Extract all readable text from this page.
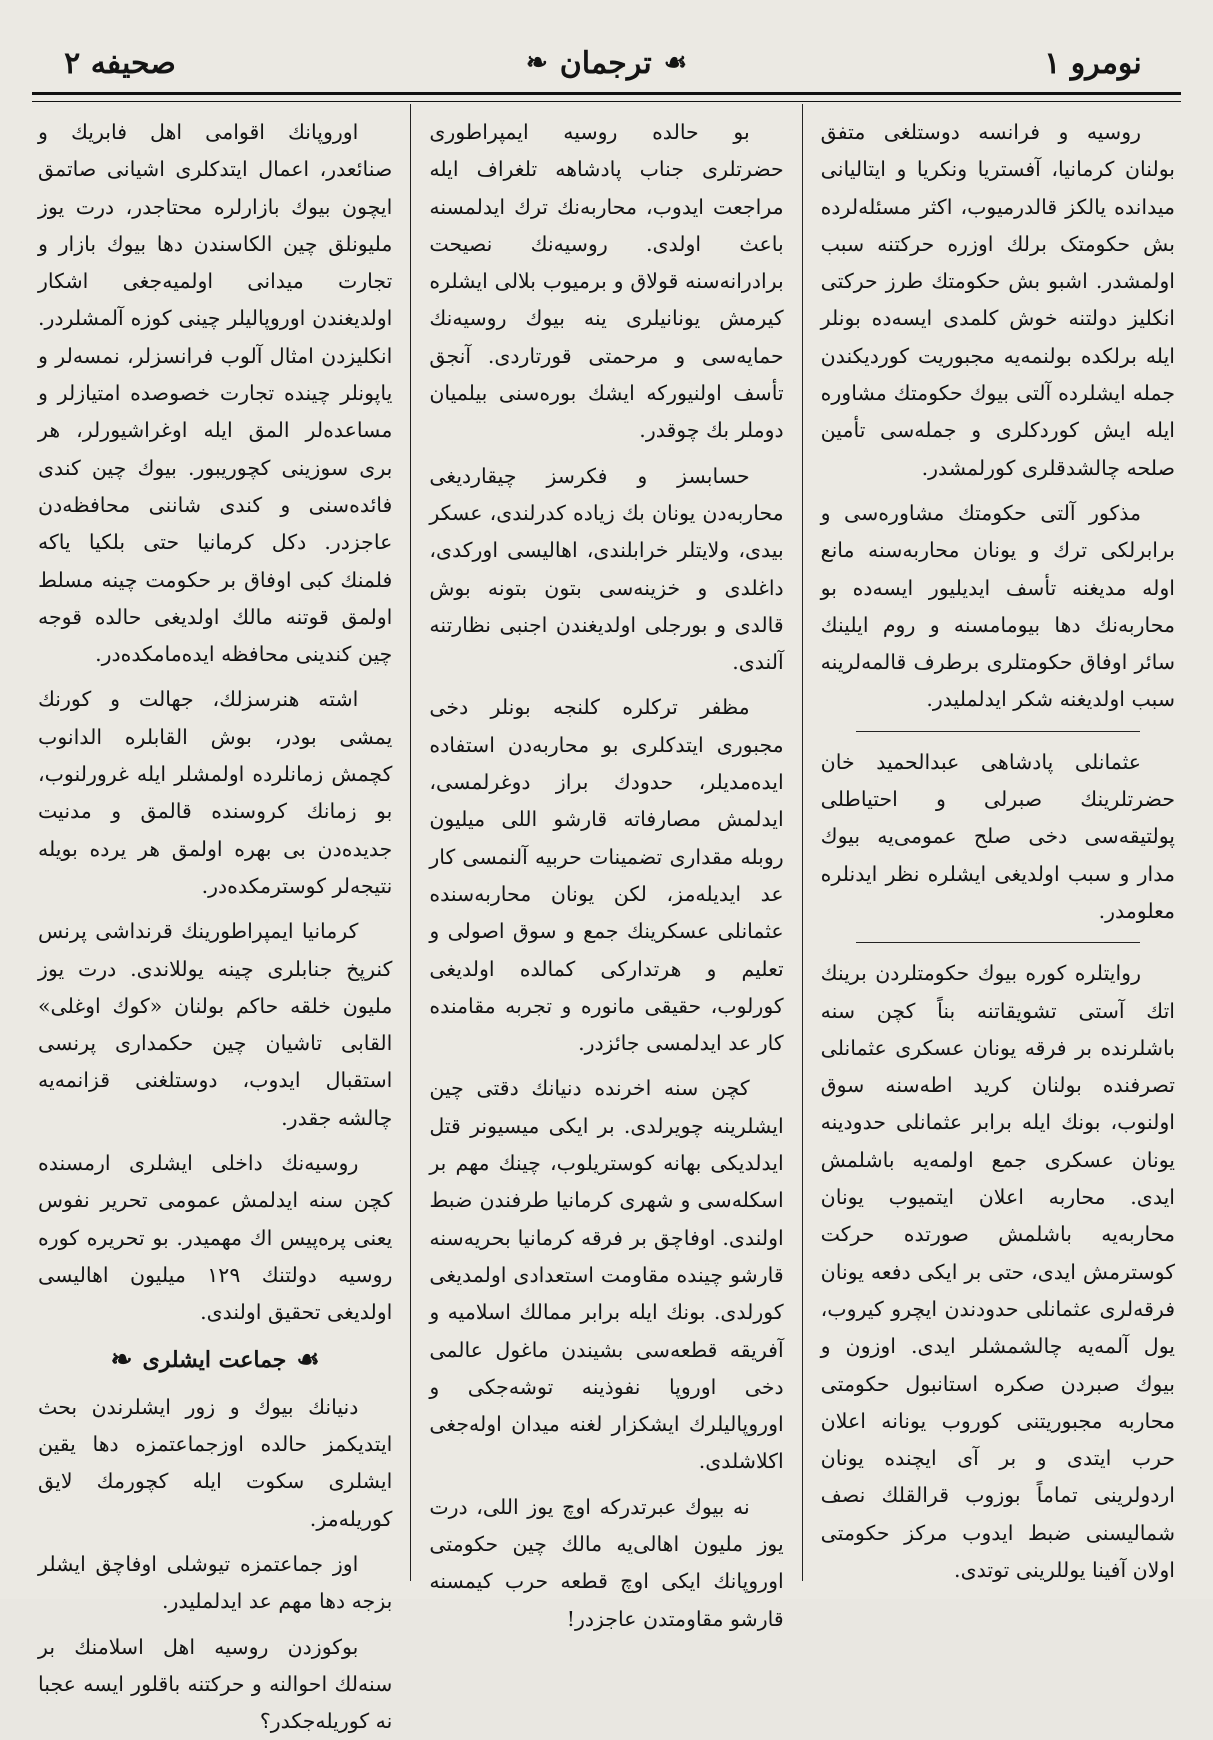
نومرو ۱
☙
ترجمان
❧
صحیفه ۲

روسیه و فرانسه دوستلغی متفق بولنان کرمانیا، آفستریا ونکریا و ایتالیانی میدانده یالکز قالدرمیوب، اکثر مسئله‌لرده بش حکومتک برلك اوزره حرکتنه سبب اولمشدر. اشبو بش حکومتك طرز حرکتی انکلیز دولتنه خوش کلمدی ایسه‌ده بونلر ایله برلکده بولنمه‌یه مجبوریت کوردیکندن جمله ایشلرده آلتی بیوك حکومتك مشاوره ایله ایش کوردکلری و جمله‌سی تأمین صلحه چالشدقلری کورلمشدر.

مذکور آلتی حکومتك مشاوره‌سی و برابرلکی ترك و یونان محاربه‌سنه مانع اوله مدیغنه تأسف ایدیلیور ایسه‌ده بو محاربه‌نك دها بیومامسنه و روم ایلینك سائر اوفاق حکومتلری برطرف قالمه‌لرینه سبب اولدیغنه شکر ایدلملیدر.

عثمانلی پادشاهی عبدالحمید خان حضرتلرینك صبرلی و احتیاطلی پولتیقه‌سی دخی صلح عمومی‌یه بیوك مدار و سبب اولدیغی ایشلره نظر ایدنلره معلومدر.

روایتلره کوره بیوك حکومتلردن برینك اتك آستی تشویقاتنه بناً کچن سنه باشلرنده بر فرقه یونان عسکری عثمانلی تصرفنده بولنان کرید اطه‌سنه سوق اولنوب، بونك ایله برابر عثمانلی حدودینه یونان عسکری جمع اولمه‌یه باشلمش ایدی. محاربه اعلان ایتمیوب یونان محاربه‌یه باشلمش صورتده حرکت کوسترمش ایدی، حتی بر ایکی دفعه یونان فرقه‌لری عثمانلی حدودندن ایچرو کیروب، یول آلمه‌یه چالشمشلر ایدی. اوزون و بیوك صبردن صکره استانبول حکومتی محاربه مجبوریتنی کوروب یونانه اعلان حرب ایتدی و بر آی ایچنده یونان اردولرینی تماماً بوزوب قرالقلك نصف شمالیسنی ضبط ایدوب مرکز حکومتی اولان آفینا یوللرینی توتدی.

بو حالده روسیه ایمپراطوری حضرتلری جناب پادشاهه تلغراف ایله مراجعت ایدوب، محاربه‌نك ترك ایدلمسنه باعث اولدی. روسیه‌نك نصیحت برادرانه‌سنه قولاق و برمیوب بلالی ایشلره کیرمش یونانیلری ینه بیوك روسیه‌نك حمایه‌سی و مرحمتی قورتاردی. آنجق تأسف اولنیورکه ایشك بوره‌سنی بیلمیان دوملر بك چوقدر.

حسابسز و فکرسز چیقاردیغی محاربه‌دن یونان بك زیاده کدرلندی، عسکر بیدی، ولایتلر خرابلندی، اهالیسی اورکدی، داغلدی و خزینه‌سی بتون بتونه بوش قالدی و بورجلی اولدیغندن اجنبی نظارتنه آلندی.

مظفر ترکلره کلنجه بونلر دخی مجبوری ایتدکلری بو محاربه‌دن استفاده ایده‌مدیلر، حدودك براز دوغرلمسی، ایدلمش مصارفاته قارشو اللی میلیون روبله مقداری تضمینات حربیه آلنمسی کار عد ایدیله‌مز، لکن یونان محاربه‌سنده عثمانلی عسکرینك جمع و سوق اصولی و تعلیم و هرتداركی کمالده اولدیغی کورلوب، حقیقی مانوره و تجربه مقامنده کار عد ایدلمسی جائزدر.

کچن سنه اخرنده دنیانك دقتی چین ایشلرینه چویرلدی. بر ایکی میسیونر قتل ایدلدیکی بهانه کوستریلوب، چینك مهم بر اسکله‌سی و شهری کرمانیا طرفندن ضبط اولندی. اوفاچق بر فرقه کرمانیا بحریه‌سنه قارشو چینده مقاومت استعدادی اولمدیغی کورلدی. بونك ایله برابر ممالك اسلامیه و آفریقه قطعه‌سی بشیندن ماغول عالمی دخی اوروپا نفوذینه توشه‌جکی و اوروپالیلرك ایشکزار لغنه میدان اوله‌جغی اکلاشلدی.

نه بیوك عبرتدرکه اوچ یوز اللی، درت یوز ملیون اهالی‌یه مالك چین حکومتی اوروپانك ایکی اوچ قطعه حرب کیمسنه قارشو مقاومتدن عاجزدر!

اوروپانك اقوامی اهل فابریك و صنائعدر، اعمال ایتدکلری اشیانی صاتمق ایچون بیوك بازارلره محتاجدر، درت یوز ملیونلق چین الکاسندن دها بیوك بازار و تجارت میدانی اولمیه‌جغی اشکار اولدیغندن اوروپالیلر چینی کوزه آلمشلردر. انکلیزدن امثال آلوب فرانسزلر، نمسه‌لر و یاپونلر چینده تجارت خصوصده امتیازلر و مساعده‌لر المق ایله اوغراشیورلر، هر بری سوزینی کچوریبور. بیوك چین کندی فائده‌سنی و کندی شاننی محافظه‌دن عاجزدر. دکل کرمانیا حتی بلکیا یاکه فلمنك کبی اوفاق بر حکومت چینه مسلط اولمق قوتنه مالك اولدیغی حالده قوجه چین کندینی محافظه ایده‌مامکده‌در.

اشته هنرسزلك، جهالت و کورنك یمشی بودر، بوش القابلره الدانوب کچمش زمانلرده اولمشلر ایله غرورلنوب، بو زمانك کروسنده قالمق و مدنیت جدیده‌دن بی بهره اولمق هر یرده بویله نتیجه‌لر کوسترمکده‌در.

کرمانیا ایمپراطورینك قرنداشی پرنس کنرپخ جنابلری چینه یوللاندی. درت یوز ملیون خلقه حاکم بولنان «کوك اوغلی» القابی تاشیان چین حکمداری پرنسی استقبال ایدوب، دوستلغنی قزانمه‌یه چالشه جقدر.

روسیه‌نك داخلی ایشلری ارمسنده کچن سنه ایدلمش عمومی تحریر نفوس یعنی پره‌پیس اك مهمیدر. بو تحریره کوره روسیه دولتنك ۱۲۹ میلیون اهالیسی اولدیغی تحقیق اولندی.

☙
جماعت ایشلری
❧

دنیانك بیوك و زور ایشلرندن بحث ایتدیکمز حالده اوزجماعتمزه دها یقین ایشلری سکوت ایله کچورمك لایق کوریله‌مز.

اوز جماعتمزه تیوشلی اوفاچق ایشلر بزجه دها مهم عد ایدلملیدر.

بوکوزدن روسیه اهل اسلامنك بر سنه‌لك احوالنه و حرکتنه باقلور ایسه عجبا نه کوریله‌جکدر؟
